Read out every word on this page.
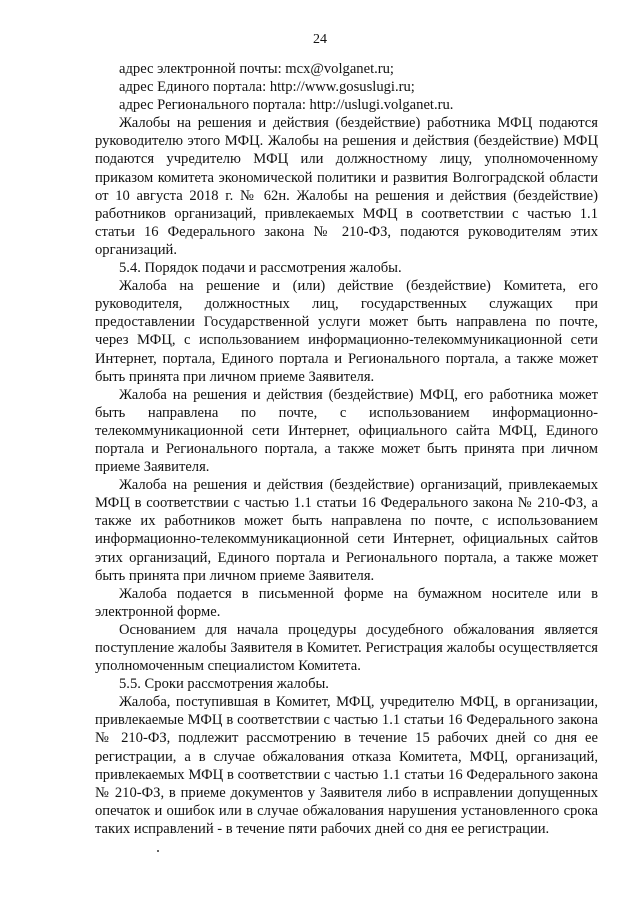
24

адрес электронной почты: mcx@volganet.ru;

адрес Единого портала: http://www.gosuslugi.ru;

адрес Регионального портала: http://uslugi.volganet.ru.

Жалобы на решения и действия (бездействие) работника МФЦ подаются руководителю этого МФЦ. Жалобы на решения и действия (бездействие) МФЦ подаются учредителю МФЦ или должностному лицу, уполномоченному приказом комитета экономической политики и развития Волгоградской области от 10 августа 2018 г. № 62н. Жалобы на решения и действия (бездействие) работников организаций, привлекаемых МФЦ в соответствии с частью 1.1 статьи 16 Федерального закона № 210-ФЗ, подаются руководителям этих организаций.

5.4. Порядок подачи и рассмотрения жалобы.

Жалоба на решение и (или) действие (бездействие) Комитета, его руководителя, должностных лиц, государственных служащих при предоставлении Государственной услуги может быть направлена по почте, через МФЦ, с использованием информационно-телекоммуникационной сети Интернет, портала, Единого портала и Регионального портала, а также может быть принята при личном приеме Заявителя.

Жалоба на решения и действия (бездействие) МФЦ, его работника может быть направлена по почте, с использованием информационно-телекоммуникационной сети Интернет, официального сайта МФЦ, Единого портала и Регионального портала, а также может быть принята при личном приеме Заявителя.

Жалоба на решения и действия (бездействие) организаций, привлекаемых МФЦ в соответствии с частью 1.1 статьи 16 Федерального закона № 210-ФЗ, а также их работников может быть направлена по почте, с использованием информационно-телекоммуникационной сети Интернет, официальных сайтов этих организаций, Единого портала и Регионального портала, а также может быть принята при личном приеме Заявителя.

Жалоба подается в письменной форме на бумажном носителе или в электронной форме.

Основанием для начала процедуры досудебного обжалования является поступление жалобы Заявителя в Комитет. Регистрация жалобы осуществляется уполномоченным специалистом Комитета.

5.5. Сроки рассмотрения жалобы.

Жалоба, поступившая в Комитет, МФЦ, учредителю МФЦ, в организации, привлекаемые МФЦ в соответствии с частью 1.1 статьи 16 Федерального закона № 210-ФЗ, подлежит рассмотрению в течение 15 рабочих дней со дня ее регистрации, а в случае обжалования отказа Комитета, МФЦ, организаций, привлекаемых МФЦ в соответствии с частью 1.1 статьи 16 Федерального закона № 210-ФЗ, в приеме документов у Заявителя либо в исправлении допущенных опечаток и ошибок или в случае обжалования нарушения установленного срока таких исправлений - в течение пяти рабочих дней со дня ее регистрации.
